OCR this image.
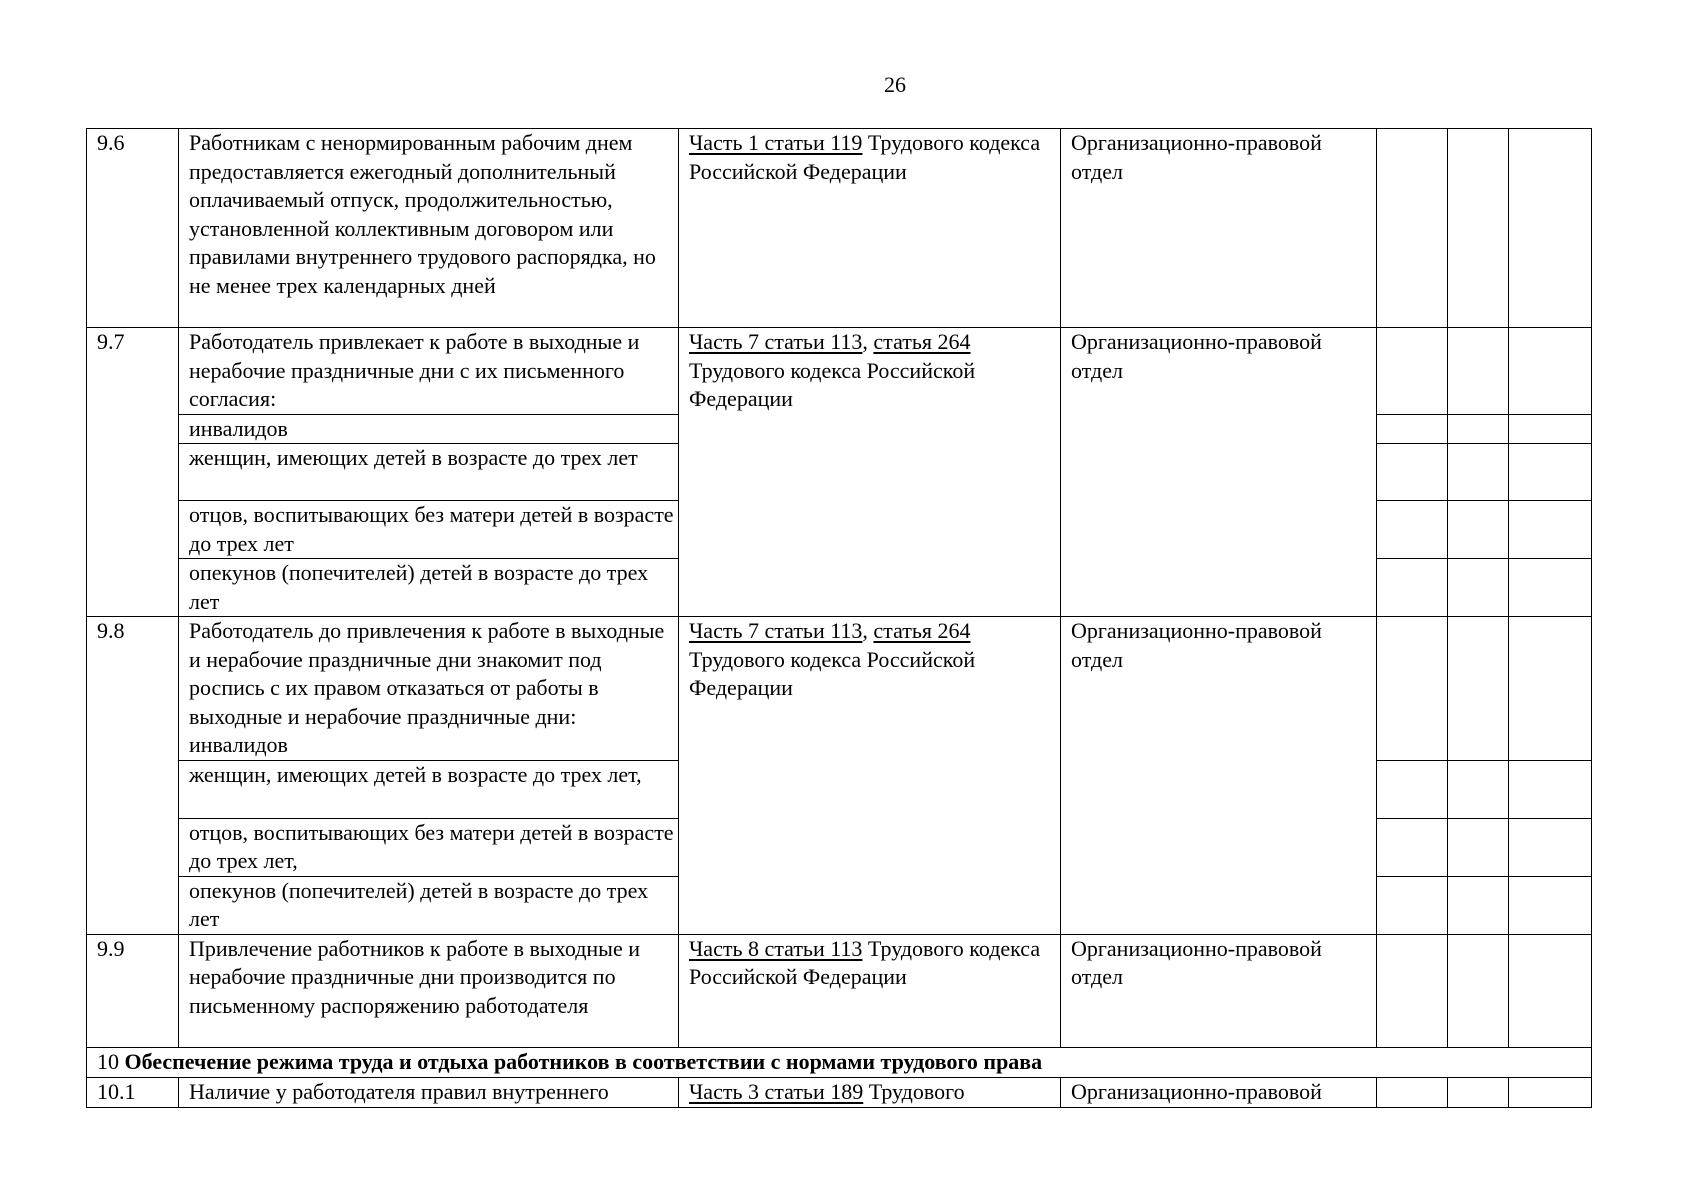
26
9.6	Работникам с ненормированным рабочим днем предоставляется ежегодный дополнительный оплачиваемый отпуск, продолжительностью, установленной коллективным договором или правилами внутреннего трудового распорядка, но не менее трех календарных дней	Часть 1 статьи 119 Трудового кодекса Российской Федерации	Организационно-правовой отдел			
9.7	Работодатель привлекает к работе в выходные и нерабочие праздничные дни с их письменного согласия:	Часть 7 статьи 113, статья 264 Трудового кодекса Российской Федерации	Организационно-правовой отдел			
	инвалидов					
	женщин, имеющих детей в возрасте до трех лет					
	отцов, воспитывающих без матери детей в возрасте до трех лет					
	опекунов (попечителей) детей в возрасте до трех лет					
9.8	Работодатель до привлечения к работе в выходные и нерабочие праздничные дни знакомит под роспись с их правом отказаться от работы в выходные и нерабочие праздничные дни: инвалидов	Часть 7 статьи 113, статья 264 Трудового кодекса Российской Федерации	Организационно-правовой отдел			
	женщин, имеющих детей в возрасте до трех лет,					
	отцов, воспитывающих без матери детей в возрасте до трех лет,					
	опекунов (попечителей) детей в возрасте до трех лет					
9.9	Привлечение работников к работе в выходные и нерабочие праздничные дни производится по письменному распоряжению работодателя	Часть 8 статьи 113 Трудового кодекса Российской Федерации	Организационно-правовой отдел			
10 Обеспечение режима труда и отдыха работников в соответствии с нормами трудового права						
10.1	Наличие у работодателя правил внутреннего	Часть 3 статьи 189 Трудового	Организационно-правовой			
